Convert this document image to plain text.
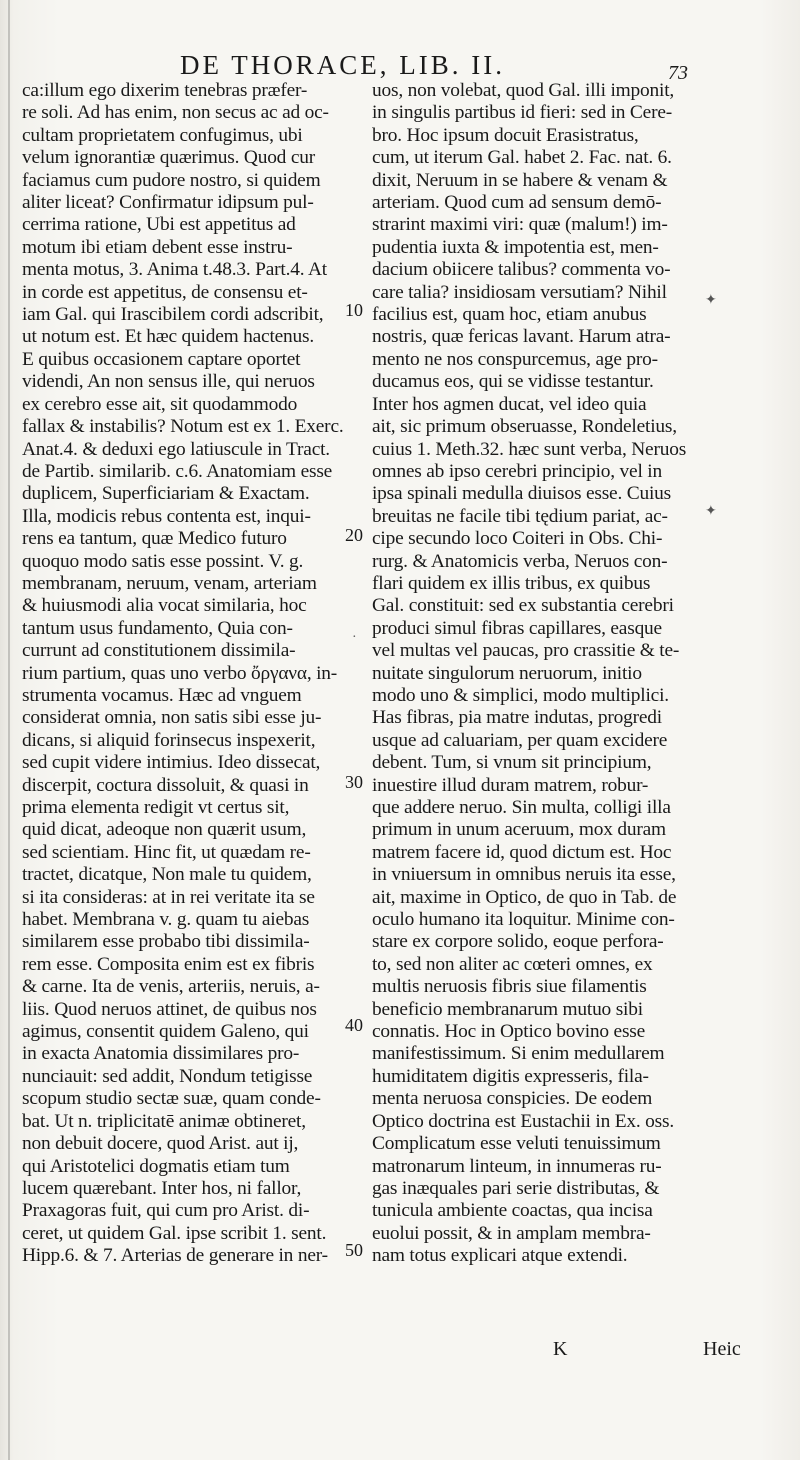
DE THORACE, LIB. II.	73
ca:illum ego dixerim tenebras præfer-
re soli. Ad has enim, non secus ac ad oc-
cultam proprietatem confugimus, ubi
velum ignorantiæ quærimus. Quod cur
faciamus cum pudore nostro, si quidem
aliter liceat? Confirmatur idipsum pul-
cerrima ratione, Ubi est appetitus ad
motum ibi etiam debent esse instru-
menta motus, 3. Anima t.48.3. Part.4. At
in corde est appetitus, de consensu et-
iam Gal. qui Irascibilem cordi adscribit,
ut notum est. Et hæc quidem hactenus.
E quibus occasionem captare oportet
videndi, An non sensus ille, qui neruos
ex cerebro esse ait, sit quodammodo
fallax & instabilis? Notum est ex 1. Exerc.
Anat.4. & deduxi ego latiuscule in Tract.
de Partib. similarib. c.6. Anatomiam esse
duplicem, Superficiariam & Exactam.
Illa, modicis rebus contenta est, inqui-
rens ea tantum, quæ Medico futuro
quoquo modo satis esse possint. V. g.
membranam, neruum, venam, arteriam
& huiusmodi alia vocat similaria, hoc
tantum usus fundamento, Quia con-
currunt ad constitutionem dissimila-
rium partium, quas uno verbo ὄργανα, in-
strumenta vocamus. Hæc ad vnguem
considerat omnia, non satis sibi esse ju-
dicans, si aliquid forinsecus inspexerit,
sed cupit videre intimius. Ideo dissecat,
discerpit, coctura dissoluit, & quasi in
prima elementa redigit vt certus sit,
quid dicat, adeoque non quærit usum,
sed scientiam. Hinc fit, ut quædam re-
tractet, dicatque, Non male tu quidem,
si ita consideras: at in rei veritate ita se
habet. Membrana v. g. quam tu aiebas
similarem esse probabo tibi dissimila-
rem esse. Composita enim est ex fibris
& carne. Ita de venis, arteriis, neruis, a-
liis. Quod neruos attinet, de quibus nos
agimus, consentit quidem Galeno, qui
in exacta Anatomia dissimilares pro-
nunciauit: sed addit, Nondum tetigisse
scopum studio sectæ suæ, quam conde-
bat. Ut n. triplicitatē animæ obtineret,
non debuit docere, quod Arist. aut ij,
qui Aristotelici dogmatis etiam tum
lucem quærebant. Inter hos, ni fallor,
Praxagoras fuit, qui cum pro Arist. di-
ceret, ut quidem Gal. ipse scribit 1. sent.
Hipp.6. & 7. Arterias de generare in ner-
uos, non volebat, quod Gal. illi imponit,
in singulis partibus id fieri: sed in Cere-
bro. Hoc ipsum docuit Erasistratus,
cum, ut iterum Gal. habet 2. Fac. nat. 6.
dixit, Neruum in se habere & venam &
arteriam. Quod cum ad sensum demō-
strarint maximi viri: quæ (malum!) im-
pudentia iuxta & impotentia est, men-
dacium obiicere talibus? commenta vo-
care talia? insidiosam versutiam? Nihil
facilius est, quam hoc, etiam anubus
nostris, quæ fericas lavant. Harum atra-
mento ne nos conspurcemus, age pro-
ducamus eos, qui se vidisse testantur.
Inter hos agmen ducat, vel ideo quia
ait, sic primum obseruasse, Rondeletius,
cuius 1. Meth.32. hæc sunt verba, Neruos
omnes ab ipso cerebri principio, vel in
ipsa spinali medulla diuisos esse. Cuius
breuitas ne facile tibi tędium pariat, ac-
cipe secundo loco Coiteri in Obs. Chi-
rurg. & Anatomicis verba, Neruos con-
flari quidem ex illis tribus, ex quibus
Gal. constituit: sed ex substantia cerebri
produci simul fibras capillares, easque
vel multas vel paucas, pro crassitie & te-
nuitate singulorum neruorum, initio
modo uno & simplici, modo multiplici.
Has fibras, pia matre indutas, progredi
usque ad caluariam, per quam excidere
debent. Tum, si vnum sit principium,
inuestire illud duram matrem, robur-
que addere neruo. Sin multa, colligi illa
primum in unum aceruum, mox duram
matrem facere id, quod dictum est. Hoc
in vniuersum in omnibus neruis ita esse,
ait, maxime in Optico, de quo in Tab. de
oculo humano ita loquitur. Minime con-
stare ex corpore solido, eoque perfora-
to, sed non aliter ac cœteri omnes, ex
multis neruosis fibris siue filamentis
beneficio membranarum mutuo sibi
connatis. Hoc in Optico bovino esse
manifestissimum. Si enim medullarem
humiditatem digitis expresseris, fila-
menta neruosa conspicies. De eodem
Optico doctrina est Eustachii in Ex. oss.
Complicatum esse veluti tenuissimum
matronarum linteum, in innumeras ru-
gas inæquales pari serie distributas, &
tunicula ambiente coactas, qua incisa
euolui possit, & in amplam membra-
nam totus explicari atque extendi.
10
20
30
40
50
K	Heic
✦
✦
·
